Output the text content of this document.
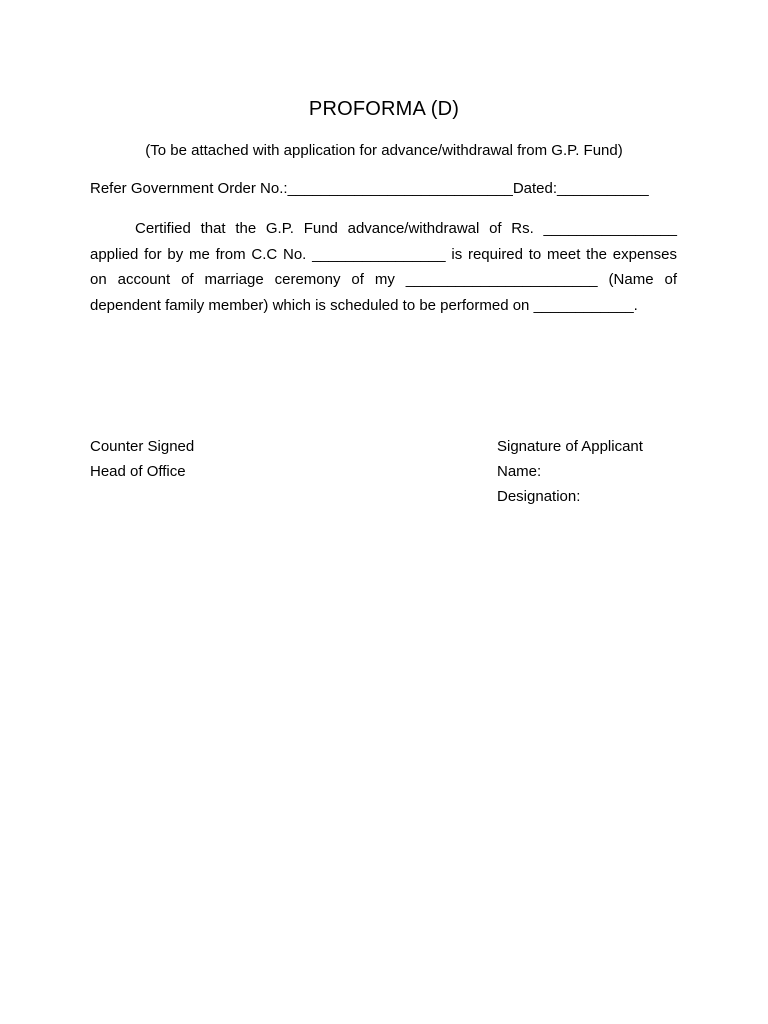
PROFORMA (D)
(To be attached with application for advance/withdrawal from G.P. Fund)
Refer Government Order No.:___________________________Dated:___________
Certified that the G.P. Fund advance/withdrawal of Rs. ________________ applied for by me from C.C No. ________________ is required to meet the expenses on account of marriage ceremony of my _______________________ (Name of dependent family member) which is scheduled to be performed on ____________.
Counter Signed
Head of Office
Signature of Applicant
Name:
Designation:
